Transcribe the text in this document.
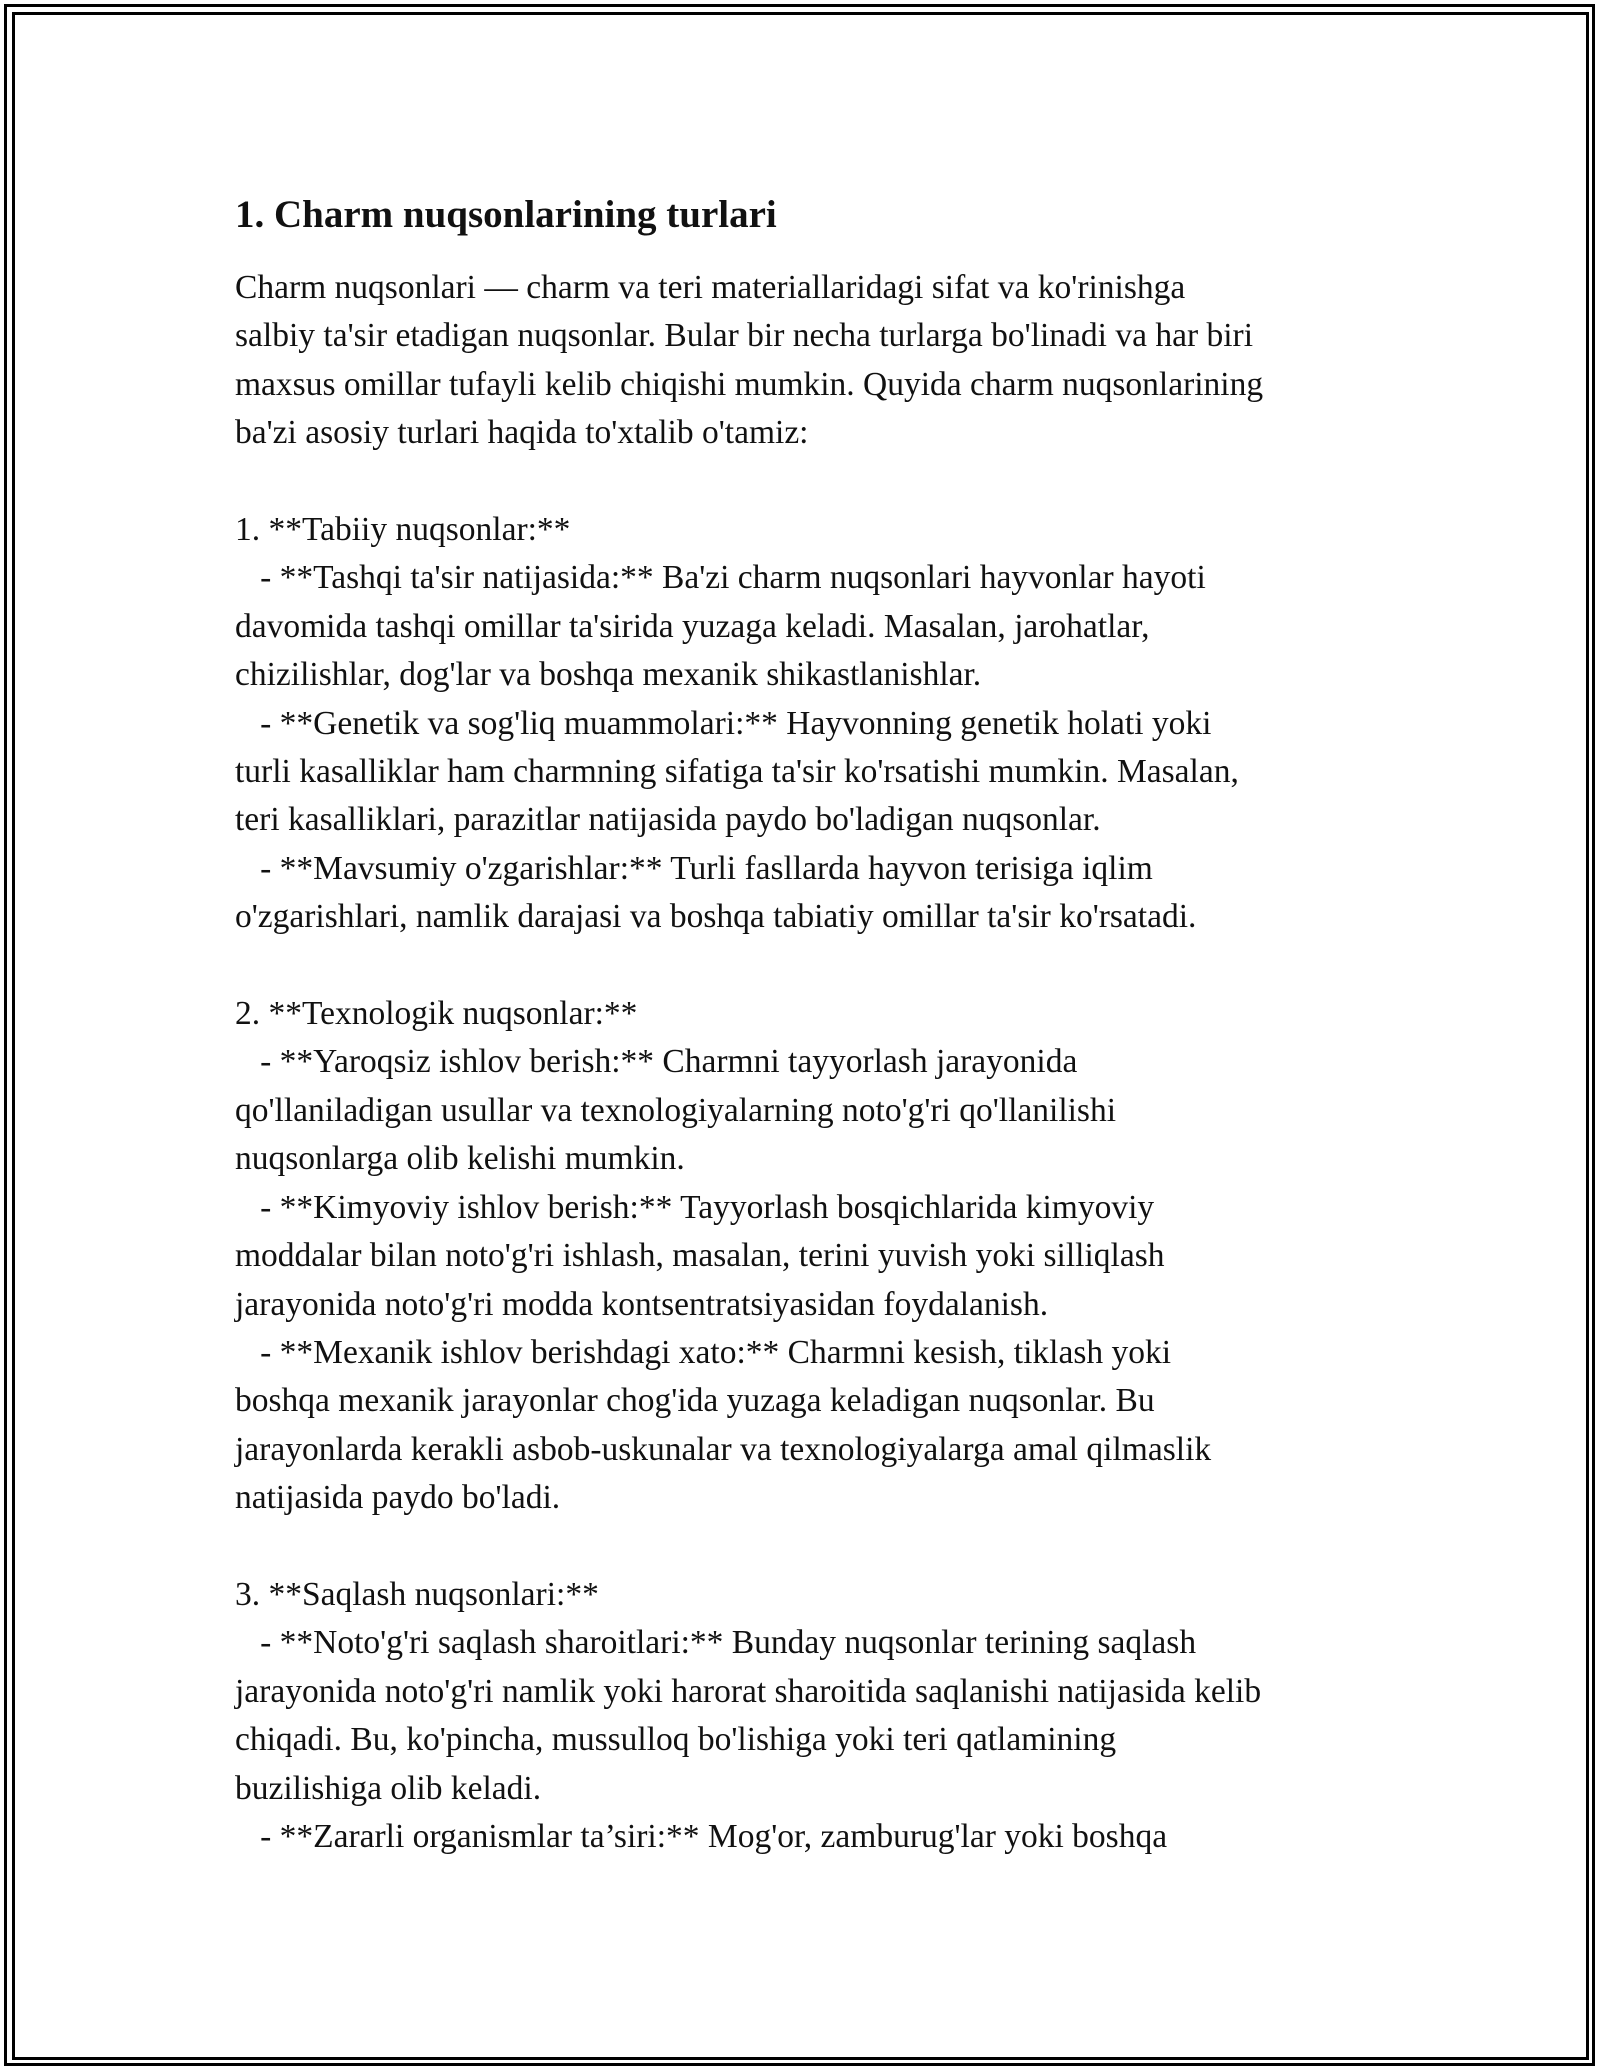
1. Charm nuqsonlarining turlari

Charm nuqsonlari — charm va teri materiallaridagi sifat va ko'rinishga

salbiy ta'sir etadigan nuqsonlar. Bular bir necha turlarga bo'linadi va har biri

maxsus omillar tufayli kelib chiqishi mumkin. Quyida charm nuqsonlarining

ba'zi asosiy turlari haqida to'xtalib o'tamiz:

1. **Tabiiy nuqsonlar:**

- **Tashqi ta'sir natijasida:** Ba'zi charm nuqsonlari hayvonlar hayoti

davomida tashqi omillar ta'sirida yuzaga keladi. Masalan, jarohatlar,

chizilishlar, dog'lar va boshqa mexanik shikastlanishlar.

- **Genetik va sog'liq muammolari:** Hayvonning genetik holati yoki

turli kasalliklar ham charmning sifatiga ta'sir ko'rsatishi mumkin. Masalan,

teri kasalliklari, parazitlar natijasida paydo bo'ladigan nuqsonlar.

- **Mavsumiy o'zgarishlar:** Turli fasllarda hayvon terisiga iqlim

o'zgarishlari, namlik darajasi va boshqa tabiatiy omillar ta'sir ko'rsatadi.

2. **Texnologik nuqsonlar:**

- **Yaroqsiz ishlov berish:** Charmni tayyorlash jarayonida

qo'llaniladigan usullar va texnologiyalarning noto'g'ri qo'llanilishi

nuqsonlarga olib kelishi mumkin.

- **Kimyoviy ishlov berish:** Tayyorlash bosqichlarida kimyoviy

moddalar bilan noto'g'ri ishlash, masalan, terini yuvish yoki silliqlash

jarayonida noto'g'ri modda kontsentratsiyasidan foydalanish.

- **Mexanik ishlov berishdagi xato:** Charmni kesish, tiklash yoki

boshqa mexanik jarayonlar chog'ida yuzaga keladigan nuqsonlar. Bu

jarayonlarda kerakli asbob-uskunalar va texnologiyalarga amal qilmaslik

natijasida paydo bo'ladi.

3. **Saqlash nuqsonlari:**

- **Noto'g'ri saqlash sharoitlari:** Bunday nuqsonlar terining saqlash

jarayonida noto'g'ri namlik yoki harorat sharoitida saqlanishi natijasida kelib

chiqadi. Bu, ko'pincha, mussulloq bo'lishiga yoki teri qatlamining

buzilishiga olib keladi.

- **Zararli organismlar ta’siri:** Mog'or, zamburug'lar yoki boshqa
